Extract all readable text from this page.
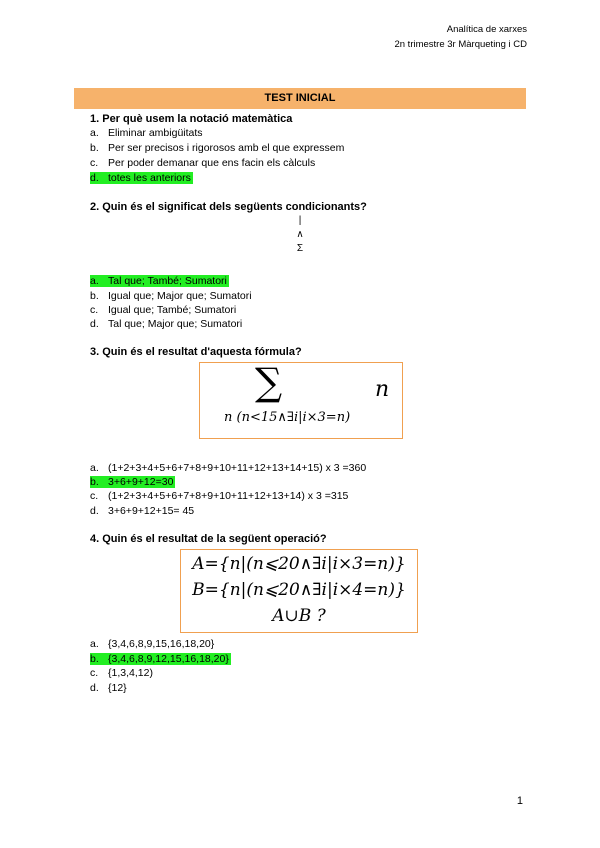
Analítica de xarxes
2n trimestre 3r Màrqueting i CD
TEST INICIAL
1. Per què usem la notació matemàtica
a. Eliminar ambigüitats
b. Per ser precisos i rigorosos amb el que expressem
c. Per poder demanar que ens facin els càlculs
d. totes les anteriors
2. Quin és el significat dels següents condicionants?
|
∧
Σ
a. Tal que; També; Sumatori
b. Igual que; Major que; Sumatori
c. Igual que; També; Sumatori
d. Tal que; Major que; Sumatori
3. Quin és el resultat d'aquesta fórmula?
∑	n
n (n<15∧∃i|i×3=n)
a. (1+2+3+4+5+6+7+8+9+10+11+12+13+14+15) x 3 =360
b. 3+6+9+12=30
c. (1+2+3+4+5+6+7+8+9+10+11+12+13+14) x 3 =315
d. 3+6+9+12+15= 45
4. Quin és el resultat de la següent operació?
A={n|(n⩽20∧∃i|i×3=n)}
B={n|(n⩽20∧∃i|i×4=n)}
A∪B ?
a. {3,4,6,8,9,15,16,18,20}
b. {3,4,6,8,9,12,15,16,18,20}
c. {1,3,4,12)
d. {12}
1
